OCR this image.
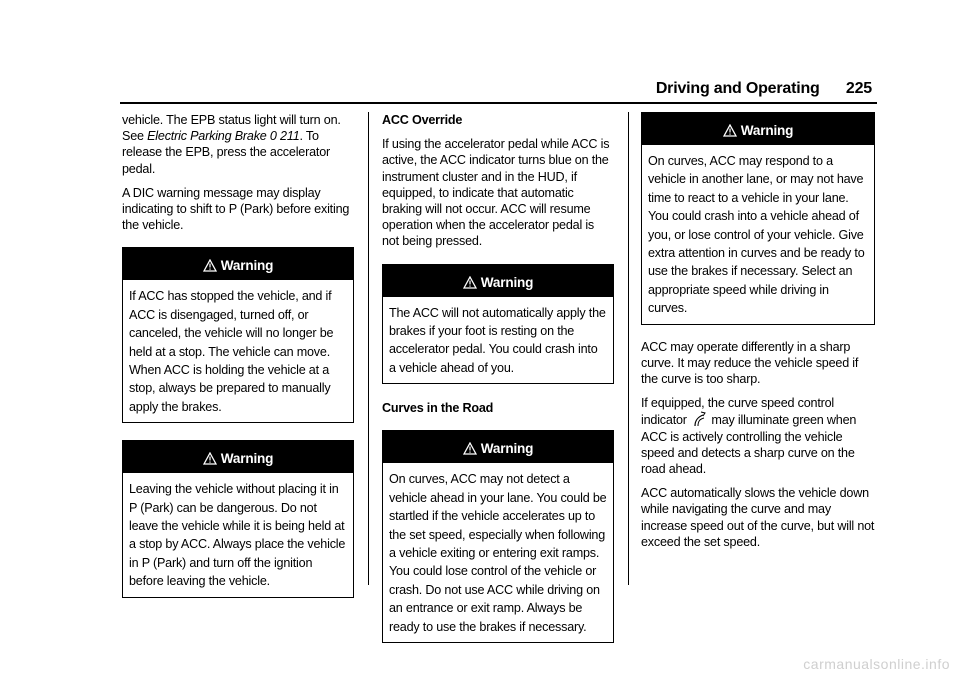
Driving and Operating 225

vehicle. The EPB status light will turn on. See Electric Parking Brake 0 211. To release the EPB, press the accelerator pedal.

A DIC warning message may display indicating to shift to P (Park) before exiting the vehicle.

Warning
If ACC has stopped the vehicle, and if ACC is disengaged, turned off, or canceled, the vehicle will no longer be held at a stop. The vehicle can move. When ACC is holding the vehicle at a stop, always be prepared to manually apply the brakes.
Warning
Leaving the vehicle without placing it in P (Park) can be dangerous. Do not leave the vehicle while it is being held at a stop by ACC. Always place the vehicle in P (Park) and turn off the ignition before leaving the vehicle.
ACC Override

If using the accelerator pedal while ACC is active, the ACC indicator turns blue on the instrument cluster and in the HUD, if equipped, to indicate that automatic braking will not occur. ACC will resume operation when the accelerator pedal is not being pressed.

Warning
The ACC will not automatically apply the brakes if your foot is resting on the accelerator pedal. You could crash into a vehicle ahead of you.
Curves in the Road
Warning
On curves, ACC may not detect a vehicle ahead in your lane. You could be startled if the vehicle accelerates up to the set speed, especially when following a vehicle exiting or entering exit ramps. You could lose control of the vehicle or crash. Do not use ACC while driving on an entrance or exit ramp. Always be ready to use the brakes if necessary.
Warning
On curves, ACC may respond to a vehicle in another lane, or may not have time to react to a vehicle in your lane. You could crash into a vehicle ahead of you, or lose control of your vehicle. Give extra attention in curves and be ready to use the brakes if necessary. Select an appropriate speed while driving in curves.

ACC may operate differently in a sharp curve. It may reduce the vehicle speed if the curve is too sharp.

If equipped, the curve speed control indicator  may illuminate green when ACC is actively controlling the vehicle speed and detects a sharp curve on the road ahead.

ACC automatically slows the vehicle down while navigating the curve and may increase speed out of the curve, but will not exceed the set speed.

carmanualsonline.info
